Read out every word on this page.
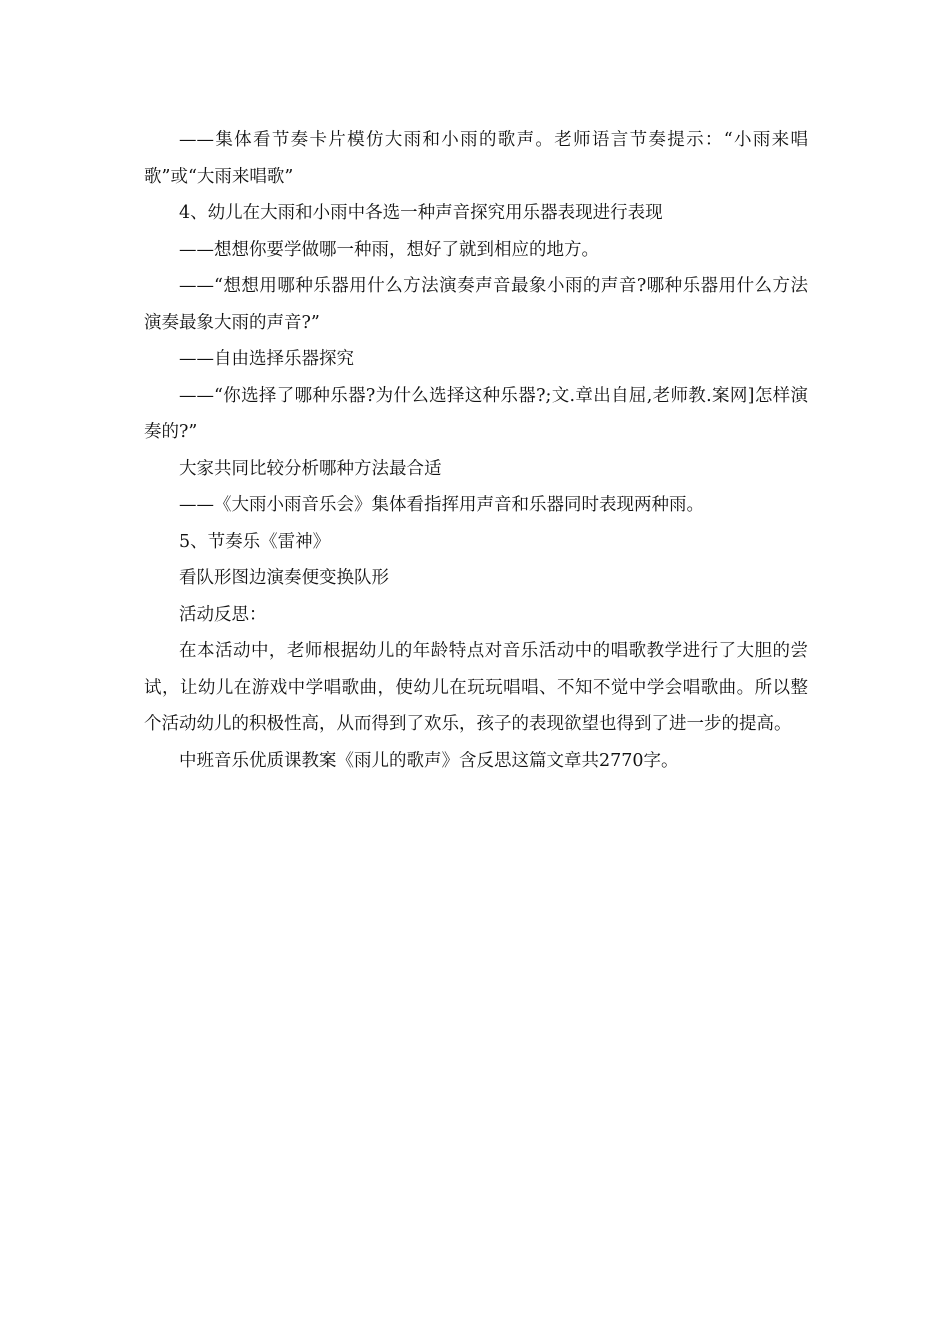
——集体看节奏卡片模仿大雨和小雨的歌声。老师语言节奏提示：“小雨来唱歌”或“大雨来唱歌”

4、幼儿在大雨和小雨中各选一种声音探究用乐器表现进行表现

——想想你要学做哪一种雨，想好了就到相应的地方。

——“想想用哪种乐器用什么方法演奏声音最象小雨的声音?哪种乐器用什么方法演奏最象大雨的声音?”

——自由选择乐器探究

——“你选择了哪种乐器?为什么选择这种乐器?;文.章出自屈,老师教.案网]怎样演奏的?”

大家共同比较分析哪种方法最合适

——《大雨小雨音乐会》集体看指挥用声音和乐器同时表现两种雨。

5、节奏乐《雷神》

看队形图边演奏便变换队形

活动反思：

在本活动中，老师根据幼儿的年龄特点对音乐活动中的唱歌教学进行了大胆的尝试，让幼儿在游戏中学唱歌曲，使幼儿在玩玩唱唱、不知不觉中学会唱歌曲。所以整个活动幼儿的积极性高，从而得到了欢乐，孩子的表现欲望也得到了进一步的提高。

中班音乐优质课教案《雨儿的歌声》含反思这篇文章共2770字。
